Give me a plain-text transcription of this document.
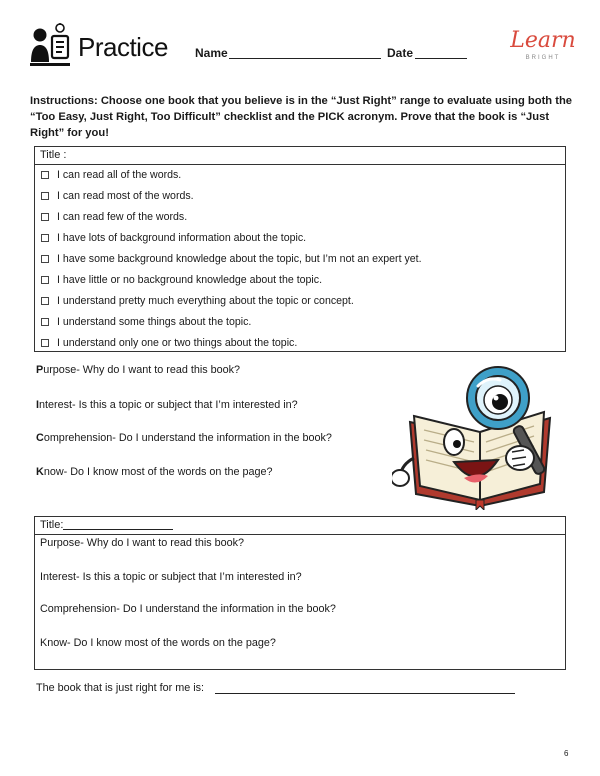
Practice Name	Date	Learn
BRIGHT
Instructions: Choose one book that you believe is in the “Just Right” range to evaluate using both the “Too Easy, Just Right, Too Difficult” checklist and the PICK acronym. Prove that the book is “Just Right” for you!
Title :
I can read all of the words.
I can read most of the words.
I can read few of the words.
I have lots of background information about the topic.
I have some background knowledge about the topic, but I’m not an expert yet.
I have little or no background knowledge about the topic.
I understand pretty much everything about the topic or concept.
I understand some things about the topic.
I understand only one or two things about the topic.
Purpose- Why do I want to read this book?
Interest- Is this a topic or subject that I’m interested in?
Comprehension- Do I understand the information in the book?
Know- Do I know most of the words on the page?
Title:
Purpose- Why do I want to read this book?
Interest- Is this a topic or subject that I’m interested in?
Comprehension- Do I understand the information in the book?
Know- Do I know most of the words on the page?
The book that is just right for me is:
6
